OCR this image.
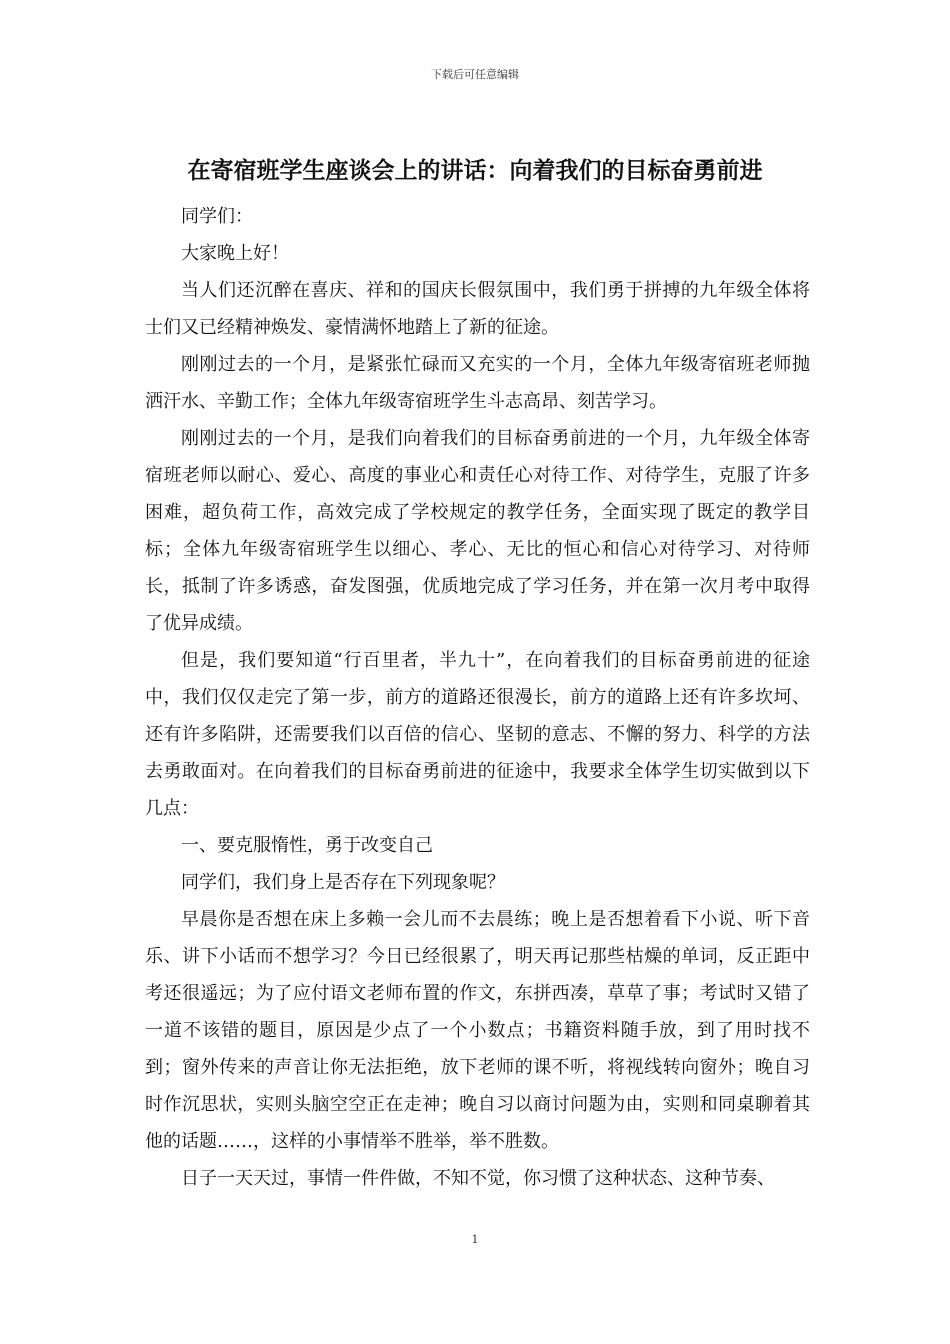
下载后可任意编辑
在寄宿班学生座谈会上的讲话：向着我们的目标奋勇前进

同学们：

大家晚上好！

当人们还沉醉在喜庆、祥和的国庆长假氛围中，我们勇于拼搏的九年级全体将士们又已经精神焕发、豪情满怀地踏上了新的征途。

刚刚过去的一个月，是紧张忙碌而又充实的一个月，全体九年级寄宿班老师抛洒汗水、辛勤工作；全体九年级寄宿班学生斗志高昂、刻苦学习。

刚刚过去的一个月，是我们向着我们的目标奋勇前进的一个月，九年级全体寄宿班老师以耐心、爱心、高度的事业心和责任心对待工作、对待学生，克服了许多困难，超负荷工作，高效完成了学校规定的教学任务，全面实现了既定的教学目标；全体九年级寄宿班学生以细心、孝心、无比的恒心和信心对待学习、对待师长，抵制了许多诱惑，奋发图强，优质地完成了学习任务，并在第一次月考中取得了优异成绩。

但是，我们要知道“行百里者，半九十”，在向着我们的目标奋勇前进的征途中，我们仅仅走完了第一步，前方的道路还很漫长，前方的道路上还有许多坎坷、还有许多陷阱，还需要我们以百倍的信心、坚韧的意志、不懈的努力、科学的方法去勇敢面对。在向着我们的目标奋勇前进的征途中，我要求全体学生切实做到以下几点：

一、要克服惰性，勇于改变自己

同学们，我们身上是否存在下列现象呢？

早晨你是否想在床上多赖一会儿而不去晨练；晚上是否想着看下小说、听下音乐、讲下小话而不想学习？今日已经很累了，明天再记那些枯燥的单词，反正距中考还很遥远；为了应付语文老师布置的作文，东拼西凑，草草了事；考试时又错了一道不该错的题目，原因是少点了一个小数点；书籍资料随手放，到了用时找不到；窗外传来的声音让你无法拒绝，放下老师的课不听，将视线转向窗外；晚自习时作沉思状，实则头脑空空正在走神；晚自习以商讨问题为由，实则和同桌聊着其他的话题……，这样的小事情举不胜举，举不胜数。

日子一天天过，事情一件件做，不知不觉，你习惯了这种状态、这种节奏、

1
